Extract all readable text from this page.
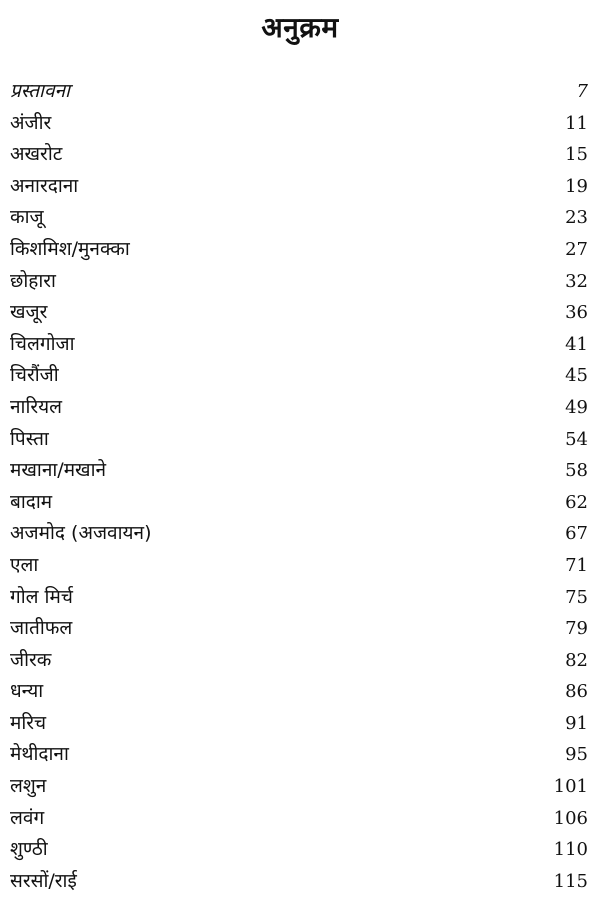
अनुक्रम
प्रस्तावना	7
अंजीर	11
अखरोट	15
अनारदाना	19
काजू	23
किशमिश/मुनक्का	27
छोहारा	32
खजूर	36
चिलगोजा	41
चिरौंजी	45
नारियल	49
पिस्ता	54
मखाना/मखाने	58
बादाम	62
अजमोद (अजवायन)	67
एला	71
गोल मिर्च	75
जातीफल	79
जीरक	82
धन्या	86
मरिच	91
मेथीदाना	95
लशुन	101
लवंग	106
शुण्ठी	110
सरसों/राई	115
